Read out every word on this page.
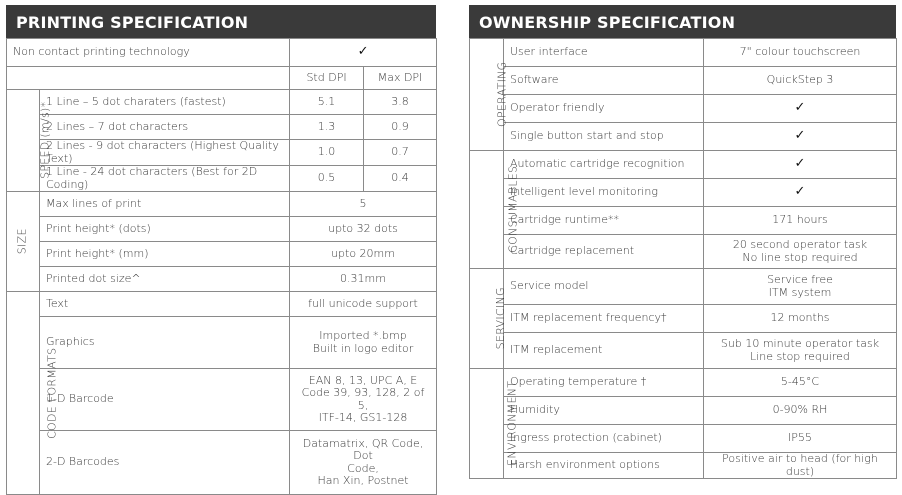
PRINTING SPECIFICATION
Non contact printing technology		✓	
		Std DPI	Max DPI
SPEED (m/s)*	1 Line – 5 dot charaters (fastest)	5.1	3.8
	2 Lines – 7 dot characters	1.3	0.9
	2 Lines - 9 dot characters (Highest Quality Text)	1.0	0.7
	1 Line - 24 dot characters (Best for 2D Coding)	0.5	0.4
SIZE	Max lines of print	5	
	Print height* (dots)	upto 32 dots	
	Print height* (mm)	upto 20mm	
	Printed dot size^	0.31mm	
CODE FORMATS	Text	full unicode support	
	Graphics	Imported *.bmp
Built in logo editor	
	1-D Barcode	EAN 8, 13, UPC A, E
Code 39, 93, 128, 2 of 5,
ITF-14, GS1-128	
	2-D Barcodes	Datamatrix, QR Code, Dot
Code,
Han Xin, Postnet	
OWNERSHIP SPECIFICATION
OPERATING	User interface	7" colour touchscreen
	Software	QuickStep 3
	Operator friendly	✓
	Single button start and stop	✓
CONSUMABLES	Automatic cartridge recognition	✓
	Intelligent level monitoring	✓
	Cartridge runtime**	171 hours
	Cartridge replacement	20 second operator task
No line stop required
SERVICING	Service model	Service free
ITM system
	ITM replacement frequency†	12 months
	ITM replacement	Sub 10 minute operator task
Line stop required
ENVIRONMENT	Operating temperature †	5-45°C
	Humidity	0-90% RH
	Ingress protection (cabinet)	IP55
	Harsh environment options	Positive air to head (for high dust)
